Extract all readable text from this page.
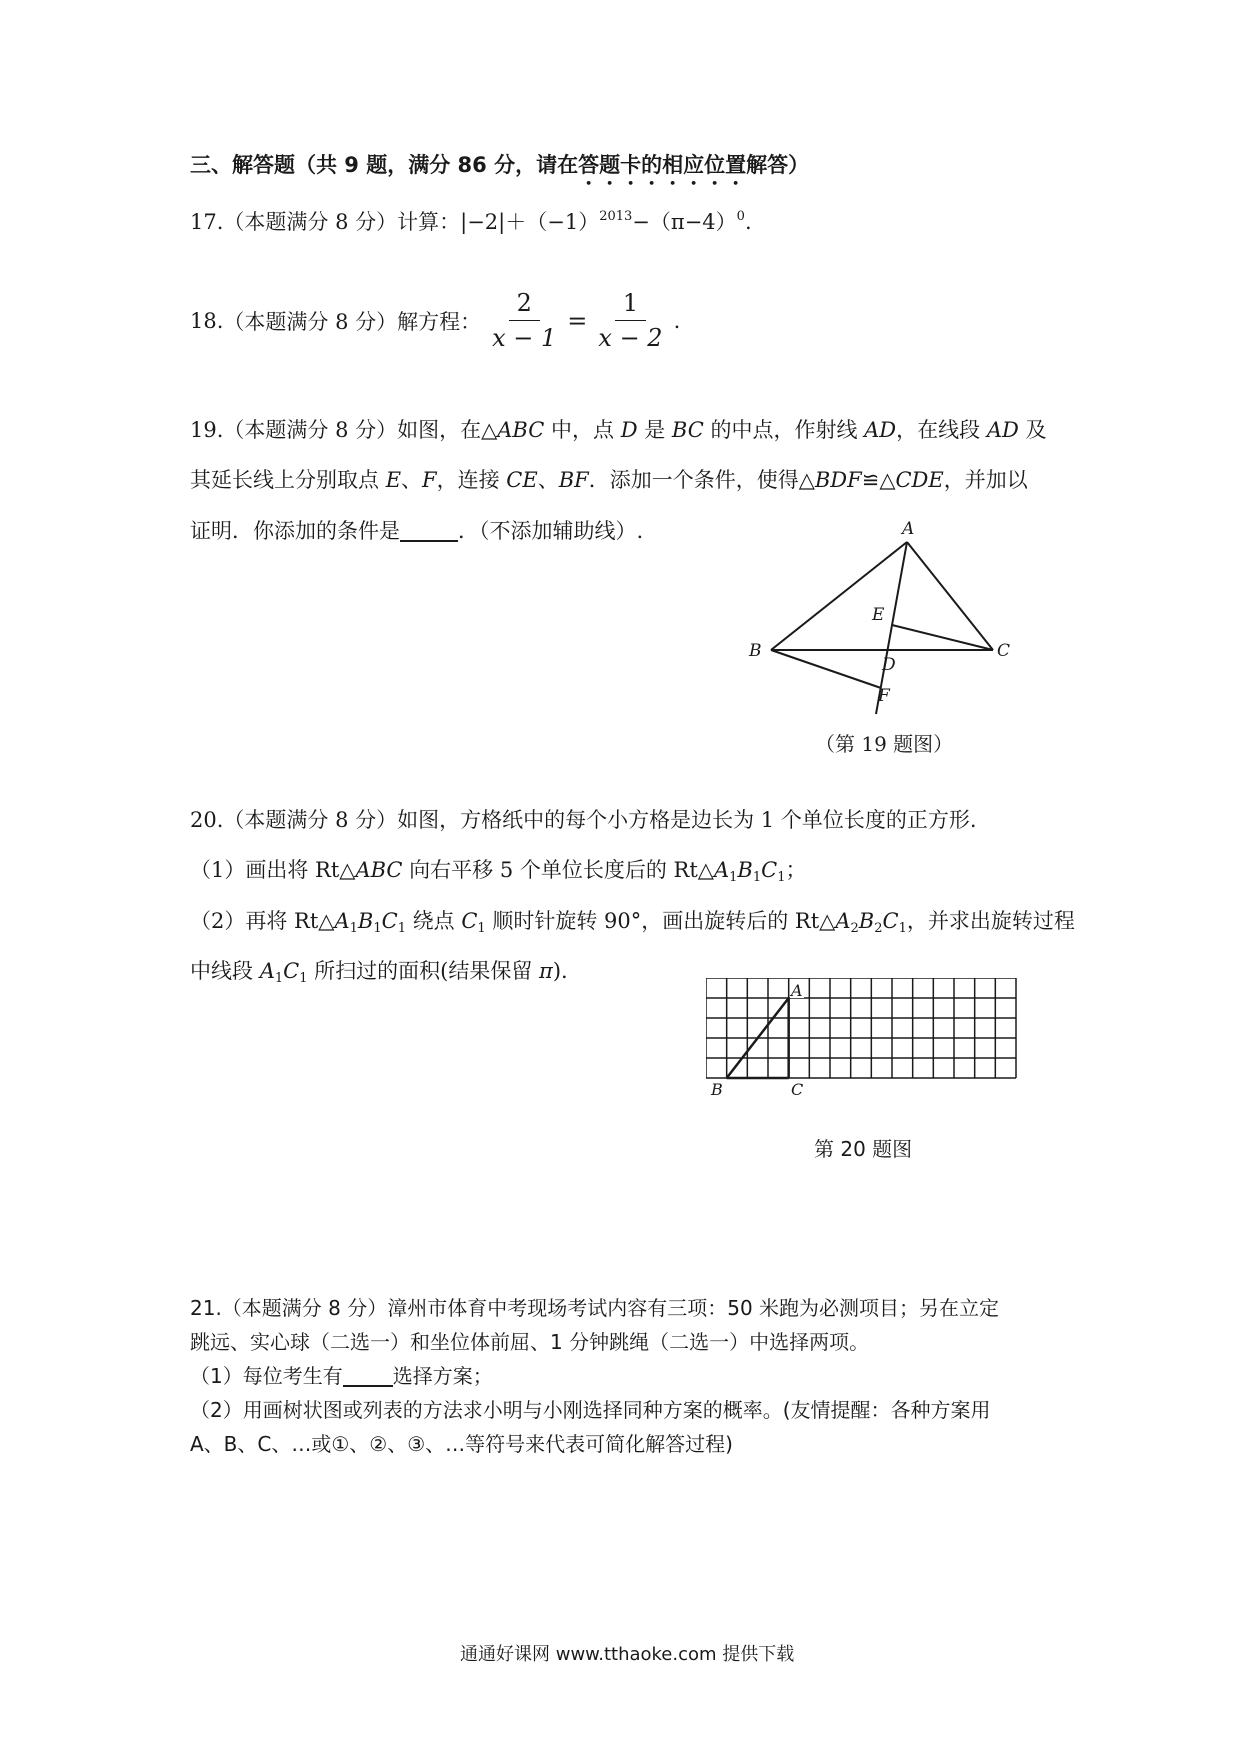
三、解答题（共 9 题，满分 86 分，请在答题卡的相应位置解答）
17.（本题满分 8 分）计算：$|-2|+(-1)^{2013}-(\pi-4)^0$.
18. （本题满分 8 分） 解方程： $\frac{2}{x - 1} = \frac{1}{x - 2}$ .
19.（本题满分 8 分）如图，在△ABC 中，点 D 是 BC 的中点，作射线 AD，在线段 AD 及
其延长线上分别取点 E、F，连接 CE、BF．添加一个条件，使得△BDF≌△CDE，并加以
证明．你添加的条件是	．（不添加辅助线）.	A
B	C
D
E
F
（第 19 题图）
20.（本题满分 8 分）如图，方格纸中的每个小方格是边长为 1 个单位长度的正方形.
（1）画出将 Rt△ABC 向右平移 5 个单位长度后的 $Rt\triangle A_1B_1C_1$；
（2）再将 $Rt\triangle A_1B_1C_1$ 绕点 $C_1$ 顺时针旋转 90°，画出旋转后的 $Rt\triangle A_2B_2C_1$，并求出旋转过程
中线段 $A_1C_1$ 所扫过的面积(结果保留 π).
A
B	C
第 20 题图
21.（本题满分 8 分）漳州市体育中考现场考试内容有三项：50 米跑为必测项目；另在立定
跳远、实心球（二选一）和坐位体前屈、1 分钟跳绳（二选一）中选择两项。
（1）每位考生有	选择方案；
（2）用画树状图或列表的方法求小明与小刚选择同种方案的概率。(友情提醒：各种方案用
A、B、C、…或①、②、③、…等符号来代表可简化解答过程)
通通好课网 www.tthaoke.com 提供下载
